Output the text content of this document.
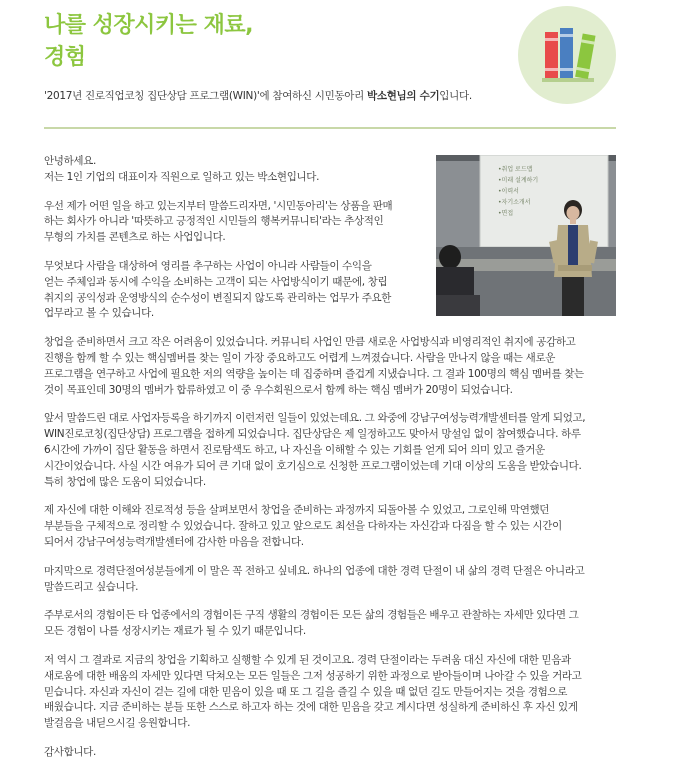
나를 성장시키는 재료,
경험
'2017년 진로직업코칭 집단상담 프로그램(WIN)'에 참여하신 시민동아리 박소현님의 수기입니다.
•취업 로드맵
•미래 설계하기
•이력서
•자기소개서
•면접

안녕하세요.
저는 1인 기업의 대표이자 직원으로 일하고 있는 박소현입니다.

우선 제가 어떤 일을 하고 있는지부터 말씀드리자면, '시민동아리'는 상품을 판매
하는 회사가 아니라 '따뜻하고 긍정적인 시민들의 행복커뮤니티'라는 추상적인
무형의 가치를 콘텐츠로 하는 사업입니다.

무엇보다 사람을 대상하여 영리를 추구하는 사업이 아니라 사람들이 수익을
얻는 주체임과 동시에 수익을 소비하는 고객이 되는 사업방식이기 때문에, 창립
취지의 공익성과 운영방식의 순수성이 변질되지 않도록 관리하는 업무가 주요한
업무라고 볼 수 있습니다.

창업을 준비하면서 크고 작은 어려움이 있었습니다. 커뮤니티 사업인 만큼 새로운 사업방식과 비영리적인 취지에 공감하고
진행을 함께 할 수 있는 핵심멤버를 찾는 일이 가장 중요하고도 어렵게 느껴졌습니다. 사람을 만나지 않을 때는 새로운
프로그램을 연구하고 사업에 필요한 저의 역량을 높이는 데 집중하며 즐겁게 지냈습니다. 그 결과 100명의 핵심 멤버를 찾는
것이 목표인데 30명의 멤버가 합류하였고 이 중 우수회원으로서 함께 하는 핵심 멤버가 20명이 되었습니다.

앞서 말씀드린 대로 사업자등록을 하기까지 이런저런 일들이 있었는데요. 그 와중에 강남구여성능력개발센터를 알게 되었고,
WIN진로코칭(집단상담) 프로그램을 접하게 되었습니다. 집단상담은 제 일정하고도 맞아서 망설임 없이 참여했습니다. 하루
6시간에 가까이 집단 활동을 하면서 진로탐색도 하고, 나 자신을 이해할 수 있는 기회를 얻게 되어 의미 있고 즐거운
시간이었습니다. 사실 시간 여유가 되어 큰 기대 없이 호기심으로 신청한 프로그램이었는데 기대 이상의 도움을 받았습니다.
특히 창업에 많은 도움이 되었습니다.

제 자신에 대한 이해와 진로적성 등을 살펴보면서 창업을 준비하는 과정까지 되돌아볼 수 있었고, 그로인해 막연했던
부분들을 구체적으로 정리할 수 있었습니다. 잘하고 있고 앞으로도 최선을 다하자는 자신감과 다짐을 할 수 있는 시간이
되어서 강남구여성능력개발센터에 감사한 마음을 전합니다.

마지막으로 경력단절여성분들에게 이 말은 꼭 전하고 싶네요. 하나의 업종에 대한 경력 단절이 내 삶의 경력 단절은 아니라고
말씀드리고 싶습니다.

주부로서의 경험이든 타 업종에서의 경험이든 구직 생활의 경험이든 모든 삶의 경험들은 배우고 관찰하는 자세만 있다면 그
모든 경험이 나를 성장시키는 재료가 될 수 있기 때문입니다.

저 역시 그 결과로 지금의 창업을 기획하고 실행할 수 있게 된 것이고요. 경력 단절이라는 두려움 대신 자신에 대한 믿음과
새로움에 대한 배움의 자세만 있다면 닥쳐오는 모든 일들은 그저 성공하기 위한 과정으로 받아들이며 나아갈 수 있을 거라고
믿습니다. 자신과 자신이 걷는 길에 대한 믿음이 있을 때 또 그 길을 즐길 수 있을 때 없던 길도 만들어지는 것을 경험으로
배웠습니다. 지금 준비하는 분들 또한 스스로 하고자 하는 것에 대한 믿음을 갖고 계시다면 성실하게 준비하신 후 자신 있게
발걸음을 내딛으시길 응원합니다.

감사합니다.
